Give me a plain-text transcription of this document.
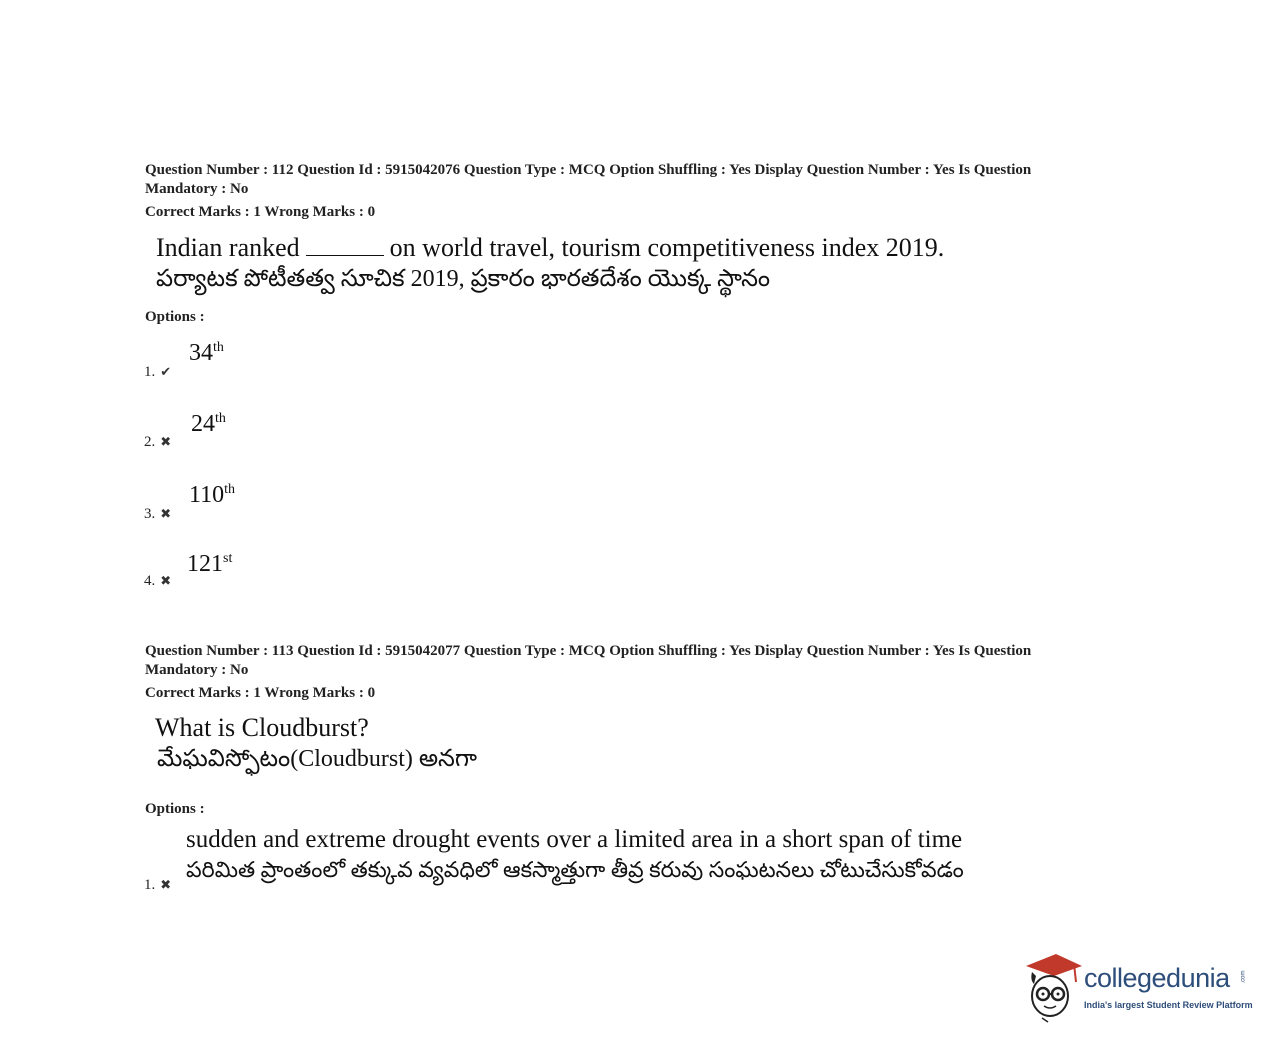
Question Number : 112 Question Id : 5915042076 Question Type : MCQ Option Shuffling : Yes Display Question Number : Yes Is Question
Mandatory : No
Correct Marks : 1 Wrong Marks : 0
Indian ranked	on world travel, tourism competitiveness index 2019.
పర్యాటక పోటీతత్వ సూచిక 2019, ప్రకారం భారతదేశం యొక్క స్థానం
Options :
34th
1. ✔
24th
2. ✖
110th
3. ✖
121st
4. ✖
Question Number : 113 Question Id : 5915042077 Question Type : MCQ Option Shuffling : Yes Display Question Number : Yes Is Question
Mandatory : No
Correct Marks : 1 Wrong Marks : 0
What is Cloudburst?
మేఘవిస్ఫోటం(Cloudburst) అనగా
Options :
sudden and extreme drought events over a limited area in a short span of time
పరిమిత ప్రాంతంలో తక్కువ వ్యవధిలో ఆకస్మాత్తుగా తీవ్ర కరువు సంఘటనలు చోటుచేసుకోవడం
1. ✖
collegedunia .com
India's largest Student Review Platform
